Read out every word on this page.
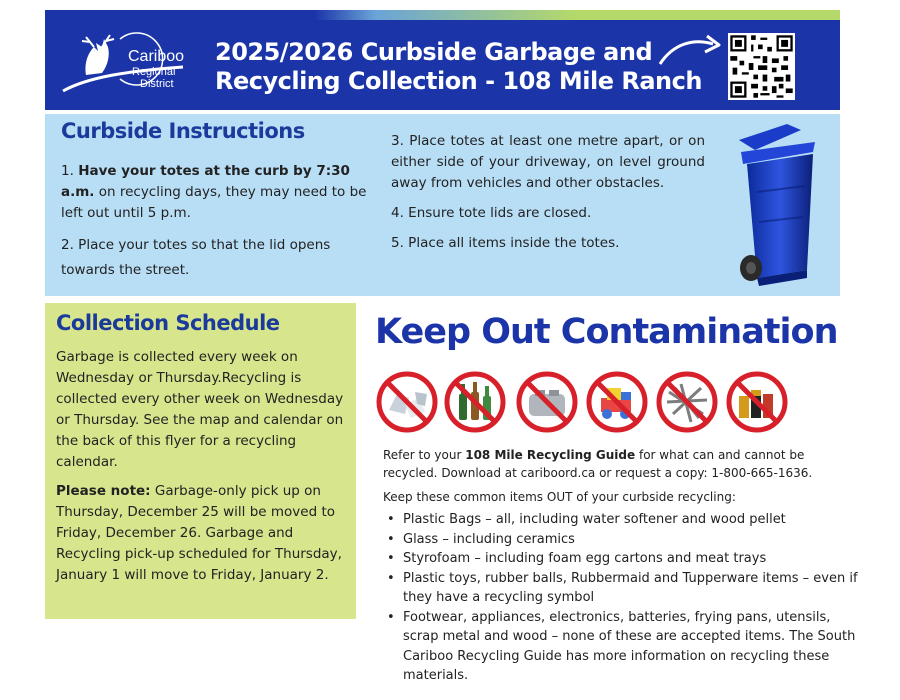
Cariboo
Regional
District
2025/2026 Curbside Garbage and
Recycling Collection - 108 Mile Ranch
Curbside Instructions

1. Have your totes at the curb by 7:30 a.m. on recycling days, they may need to be left out until 5 p.m.

2. Place your totes so that the lid opens towards the street.

3. Place totes at least one metre apart, or on either side of your driveway, on level ground away from vehicles and other obstacles.

4. Ensure tote lids are closed.

5. Place all items inside the totes.

Collection Schedule

Garbage is collected every week on Wednesday or Thursday.Recycling is collected every other week on Wednesday or Thursday. See the map and calendar on the back of this flyer for a recycling calendar.

Please note: Garbage-only pick up on Thursday, December 25 will be moved to Friday, December 26. Garbage and Recycling pick-up scheduled for Thursday, January 1 will move to Friday, January 2.

Keep Out Contamination
Refer to your 108 Mile Recycling Guide for what can and cannot be recycled. Download at cariboord.ca or request a copy: 1-800-665-1636.
Keep these common items OUT of your curbside recycling:
• Plastic Bags – all, including water softener and wood pellet
• Glass – including ceramics
• Styrofoam – including foam egg cartons and meat trays
• Plastic toys, rubber balls, Rubbermaid and Tupperware items – even if they have a recycling symbol
• Footwear, appliances, electronics, batteries, frying pans, utensils, scrap metal and wood – none of these are accepted items. The South Cariboo Recycling Guide has more information on recycling these materials.
